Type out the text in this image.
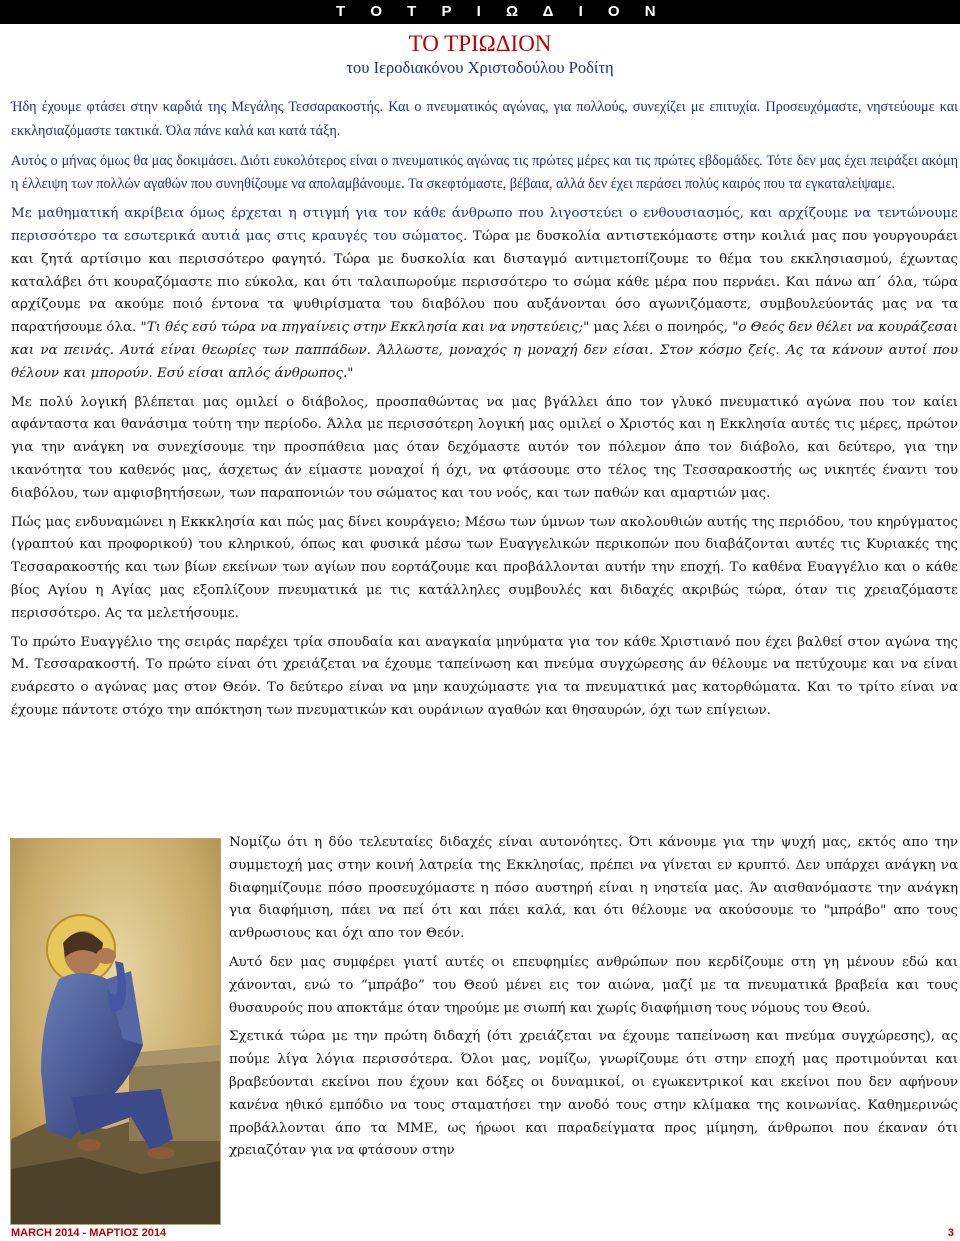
Τ Ο Τ Ρ Ι Ω Δ Ι Ο Ν
ΤΟ ΤΡΙΩΔΙΟΝ
του Ιεροδιακόνου Χριστοδούλου Ροδίτη

Ήδη έχουμε φτάσει στην καρδιά της Μεγάλης Τεσσαρακοστής. Και ο πνευματικός αγώνας, για πολλούς, συνεχίζει με επιτυχία. Προσευχόμαστε, νηστεύουμε και εκκλησιαζόμαστε τακτικά. Όλα πάνε καλά και κατά τάξη.

Αυτός ο μήνας όμως θα μας δοκιμάσει. Διότι ευκολότερος είναι ο πνευματικός αγώνας τις πρώτες μέρες και τις πρώτες εβδομάδες. Τότε δεν μας έχει πειράξει ακόμη η έλλειψη των πολλών αγαθών που συνηθίζουμε να απολαμβάνουμε. Τα σκεφτόμαστε, βέβαια, αλλά δεν έχει περάσει πολύς καιρός που τα εγκαταλείψαμε.

Με μαθηματική ακρίβεια όμως έρχεται η στιγμή για τον κάθε άνθρωπο που λιγοστεύει ο ενθουσιασμός, και αρχίζουμε να τεντώνουμε περισσότερο τα εσωτερικά αυτιά μας στις κραυγές του σώματος. Τώρα με δυσκολία αντιστεκόμαστε στην κοιλιά μας που γουργουράει και ζητά αρτίσιμο και περισσότερο φαγητό. Τώρα με δυσκολία και δισταγμό αντιμετοπίζουμε το θέμα του εκκλησιασμού, έχωντας καταλάβει ότι κουραζόμαστε πιο εύκολα, και ότι ταλαιπωρούμε περισσότερο το σώμα κάθε μέρα που περνάει. Και πάνω απ΄ όλα, τώρα αρχίζουμε να ακούμε ποιό έντονα τα ψυθιρίσματα του διαβόλου που αυξάνονται όσο αγωνιζόμαστε, συμβουλεύοντάς μας να τα παρατήσουμε όλα. "Τι θές εσύ τώρα να πηγαίνεις στην Εκκλησία και να νηστεύεις;" μας λέει ο πονηρός, "ο Θεός δεν θέλει να κουράζεσαι και να πεινάς. Αυτά είναι θεωρίες των παππάδων. Άλλωστε, μοναχός η μοναχή δεν είσαι. Στον κόσμο ζείς. Ας τα κάνουν αυτοί που θέλουν και μπορούν. Εσύ είσαι απλός άνθρωπος."

Με πολύ λογική βλέπεται μας ομιλεί ο διάβολος, προσπαθώντας να μας βγάλλει άπο τον γλυκό πνευματικό αγώνα που τον καίει αφάνταστα και θανάσιμα τούτη την περίοδο. Άλλα με περισσότερη λογική μας ομιλεί ο Χριστός και η Εκκλησία αυτές τις μέρες, πρώτον για την ανάγκη να συνεχίσουμε την προσπάθεια μας όταν δεχόμαστε αυτόν τον πόλεμον άπο τον διάβολο, και δεύτερο, για την ικανότητα του καθενός μας, άσχετως άν είμαστε μοναχοί ή όχι, να φτάσουμε στο τέλος της Τεσσαρακοστής ως νικητές έναντι του διαβόλου, των αμφισβητήσεων, των παραπονιών του σώματος και του νοός, και των παθών και αμαρτιών μας.

Πώς μας ενδυναμώνει η Εκκκλησία και πώς μας δίνει κουράγειο; Μέσω των ύμνων των ακολουθιών αυτής της περιόδου, του κηρύγματος (γραπτού και προφορικού) του κληρικού, όπως και φυσικά μέσω των Ευαγγελικών περικοπών που διαβάζονται αυτές τις Κυριακές της Τεσσαρακοστής και των βίων εκείνων των αγίων που εορτάζουμε και προβάλλονται αυτήν την εποχή. Το καθένα Ευαγγέλιο και ο κάθε βίος Αγίου η Αγίας μας εξοπλίζουν πνευματικά με τις κατάλληλες συμβουλές και διδαχές ακριβώς τώρα, όταν τις χρειαζόμαστε περισσότερο. Ας τα μελετήσουμε.

Το πρώτο Ευαγγέλιο της σειράς παρέχει τρία σπουδαία και αναγκαία μηνύματα για τον κάθε Χριστιανό που έχει βαλθεί στον αγώνα της Μ. Τεσσαρακοστή. Το πρώτο είναι ότι χρειάζεται να έχουμε ταπείνωση και πνεύμα συγχώρεσης άν θέλουμε να πετύχουμε και να είναι ευάρεστο ο αγώνας μας στον Θεόν. Το δεύτερο είναι να μην καυχώμαστε για τα πνευματικά μας κατορθώματα. Και το τρίτο είναι να έχουμε πάντοτε στόχο την απόκτηση των πνευματικών και ουράνιων αγαθών και θησαυρών, όχι των επίγειων.

Νομίζω ότι η δύο τελευταίες διδαχές είναι αυτονόητες. Ότι κάνουμε για την ψυχή μας, εκτός απο την συμμετοχή μας στην κοινή λατρεία της Εκκλησίας, πρέπει να γίνεται εν κρυπτό. Δεν υπάρχει ανάγκη να διαφημίζουμε πόσο προσευχόμαστε η πόσο αυστηρή είναι η νηστεία μας. Άν αισθανόμαστε την ανάγκη για διαφήμιση, πάει να πεί ότι και πάει καλά, και ότι θέλουμε να ακούσουμε το "μπράβο" απο τους ανθρωσιους και όχι απο τον Θεόν.

Αυτό δεν μας συμφέρει γιατί αυτές οι επευφημίες ανθρώπων που κερδίζουμε στη γη μένουν εδώ και χάνονται, ενώ το “μπράβο” του Θεού μένει εις τον αιώνα, μαζί με τα πνευματικά βραβεία και τους θυσαυρούς που αποκτάμε όταν τηρούμε με σιωπή και χωρίς διαφήμιση τους νόμους του Θεού.

Σχετικά τώρα με την πρώτη διδαχή (ότι χρειάζεται να έχουμε ταπείνωση και πνεύμα συγχώρεσης), ας πούμε λίγα λόγια περισσότερα. Όλοι μας, νομίζω, γνωρίζουμε ότι στην εποχή μας προτιμούνται και βραβεύονται εκείνοι που έχουν και δόξες οι δυναμικοί, οι εγωκεντρικοί και εκείνοι που δεν αφήνουν κανένα ηθικό εμπόδιο να τους σταματήσει την ανοδό τους στην κλίμακα της κοινωνίας. Καθημερινώς προβάλλονται άπο τα ΜΜΕ, ως ήρωοι και παραδείγματα προς μίμηση, άνθρωποι που έκαναν ότι χρειαζόταν για να φτάσουν στην

MARCH 2014 - ΜΑΡΤΙΟΣ 2014	3
